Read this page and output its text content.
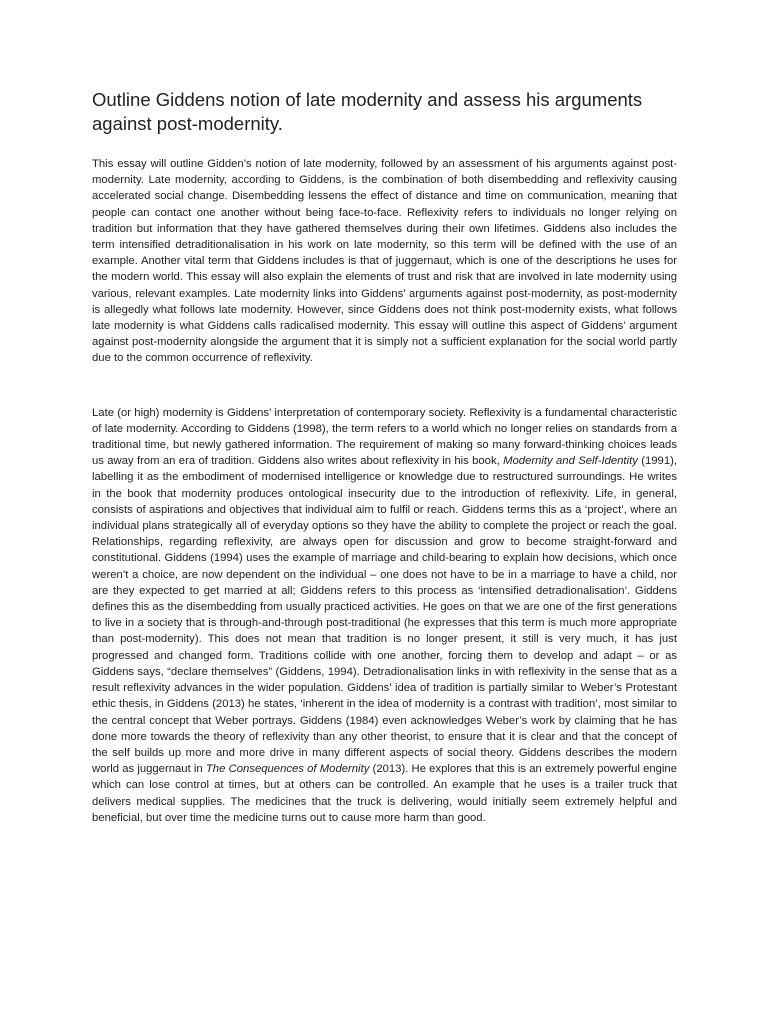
Outline Giddens notion of late modernity and assess his arguments against post-modernity.

This essay will outline Gidden’s notion of late modernity, followed by an assessment of his arguments against post-modernity. Late modernity, according to Giddens, is the combination of both disembedding and reflexivity causing accelerated social change. Disembedding lessens the effect of distance and time on communication, meaning that people can contact one another without being face-to-face. Reflexivity refers to individuals no longer relying on tradition but information that they have gathered themselves during their own lifetimes. Giddens also includes the term intensified detraditionalisation in his work on late modernity, so this term will be defined with the use of an example. Another vital term that Giddens includes is that of juggernaut, which is one of the descriptions he uses for the modern world. This essay will also explain the elements of trust and risk that are involved in late modernity using various, relevant examples. Late modernity links into Giddens’ arguments against post-modernity, as post-modernity is allegedly what follows late modernity. However, since Giddens does not think post-modernity exists, what follows late modernity is what Giddens calls radicalised modernity. This essay will outline this aspect of Giddens’ argument against post-modernity alongside the argument that it is simply not a sufficient explanation for the social world partly due to the common occurrence of reflexivity.

Late (or high) modernity is Giddens’ interpretation of contemporary society. Reflexivity is a fundamental characteristic of late modernity. According to Giddens (1998), the term refers to a world which no longer relies on standards from a traditional time, but newly gathered information. The requirement of making so many forward-thinking choices leads us away from an era of tradition. Giddens also writes about reflexivity in his book, Modernity and Self-Identity (1991), labelling it as the embodiment of modernised intelligence or knowledge due to restructured surroundings. He writes in the book that modernity produces ontological insecurity due to the introduction of reflexivity. Life, in general, consists of aspirations and objectives that individual aim to fulfil or reach. Giddens terms this as a ‘project’, where an individual plans strategically all of everyday options so they have the ability to complete the project or reach the goal. Relationships, regarding reflexivity, are always open for discussion and grow to become straight-forward and constitutional. Giddens (1994) uses the example of marriage and child-bearing to explain how decisions, which once weren’t a choice, are now dependent on the individual – one does not have to be in a marriage to have a child, nor are they expected to get married at all; Giddens refers to this process as ‘intensified detradionalisation’. Giddens defines this as the disembedding from usually practiced activities. He goes on that we are one of the first generations to live in a society that is through-and-through post-traditional (he expresses that this term is much more appropriate than post-modernity). This does not mean that tradition is no longer present, it still is very much, it has just progressed and changed form. Traditions collide with one another, forcing them to develop and adapt – or as Giddens says, “declare themselves” (Giddens, 1994). Detradionalisation links in with reflexivity in the sense that as a result reflexivity advances in the wider population. Giddens’ idea of tradition is partially similar to Weber’s Protestant ethic thesis, in Giddens (2013) he states, ‘inherent in the idea of modernity is a contrast with tradition’, most similar to the central concept that Weber portrays. Giddens (1984) even acknowledges Weber’s work by claiming that he has done more towards the theory of reflexivity than any other theorist, to ensure that it is clear and that the concept of the self builds up more and more drive in many different aspects of social theory. Giddens describes the modern world as juggernaut in The Consequences of Modernity (2013). He explores that this is an extremely powerful engine which can lose control at times, but at others can be controlled. An example that he uses is a trailer truck that delivers medical supplies. The medicines that the truck is delivering, would initially seem extremely helpful and beneficial, but over time the medicine turns out to cause more harm than good.
